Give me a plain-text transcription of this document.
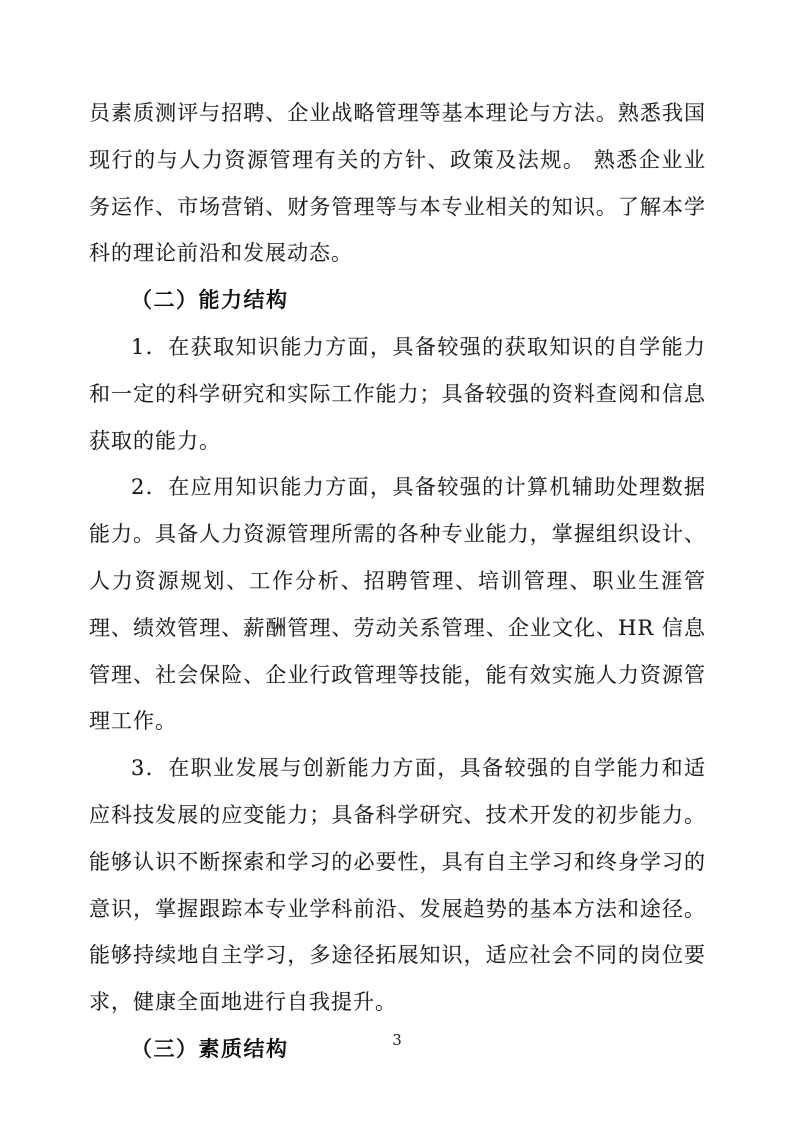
员素质测评与招聘、企业战略管理等基本理论与方法。熟悉我国现行的与人力资源管理有关的方针、政策及法规。 熟悉企业业务运作、市场营销、财务管理等与本专业相关的知识。了解本学科的理论前沿和发展动态。

（二）能力结构

1．在获取知识能力方面，具备较强的获取知识的自学能力和一定的科学研究和实际工作能力；具备较强的资料查阅和信息获取的能力。

2．在应用知识能力方面，具备较强的计算机辅助处理数据能力。具备人力资源管理所需的各种专业能力，掌握组织设计、人力资源规划、工作分析、招聘管理、培训管理、职业生涯管理、绩效管理、薪酬管理、劳动关系管理、企业文化、HR 信息管理、社会保险、企业行政管理等技能，能有效实施人力资源管理工作。

3．在职业发展与创新能力方面，具备较强的自学能力和适应科技发展的应变能力；具备科学研究、技术开发的初步能力。能够认识不断探索和学习的必要性，具有自主学习和终身学习的意识，掌握跟踪本专业学科前沿、发展趋势的基本方法和途径。能够持续地自主学习，多途径拓展知识，适应社会不同的岗位要求，健康全面地进行自我提升。

（三）素质结构	3
